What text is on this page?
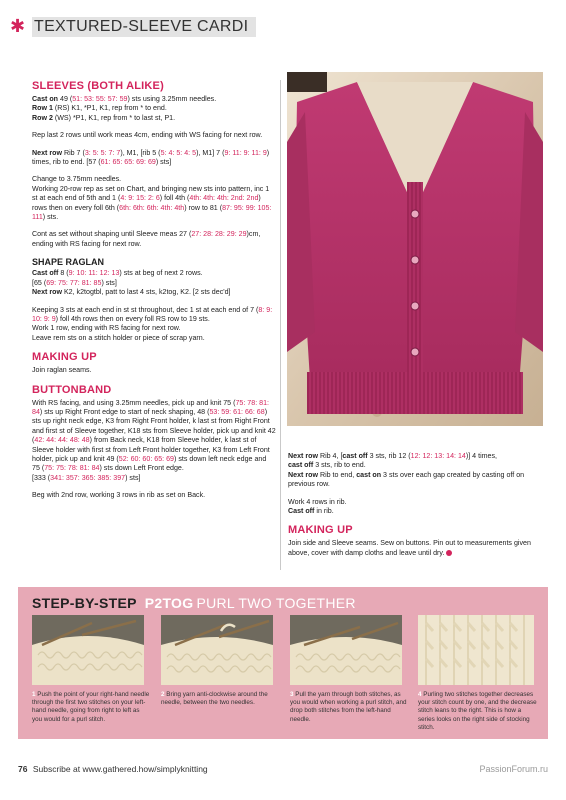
✱ TEXTURED-SLEEVE CARDI
SLEEVES (BOTH ALIKE)

Cast on 49 (51: 53: 55: 57: 59) sts using 3.25mm needles.

Row 1 (RS) K1, *P1, K1, rep from * to end.

Row 2 (WS) *P1, K1, rep from * to last st, P1.

Rep last 2 rows until work meas 4cm, ending with WS facing for next row.

Next row Rib 7 (3: 5: 5: 7: 7), M1, [rib 5 (5: 4: 5: 4: 5), M1] 7 (9: 11: 9: 11: 9) times, rib to end. [57 (61: 65: 65: 69: 69) sts]

Change to 3.75mm needles.

Working 20-row rep as set on Chart, and bringing new sts into pattern, inc 1 st at each end of 5th and 1 (4: 9: 15: 2: 6) foll 4th (4th: 4th: 4th: 2nd: 2nd) rows then on every foll 6th (6th: 6th: 6th: 4th: 4th) row to 81 (87: 95: 99: 105: 111) sts.

Cont as set without shaping until Sleeve meas 27 (27: 28: 28: 29: 29)cm, ending with RS facing for next row.

SHAPE RAGLAN

Cast off 8 (9: 10: 11: 12: 13) sts at beg of next 2 rows.

[65 (69: 75: 77: 81: 85) sts]

Next row K2, k2togtbl, patt to last 4 sts, k2tog, K2. [2 sts dec'd]

Keeping 3 sts at each end in st st throughout, dec 1 st at each end of 7 (8: 9: 10: 9: 9) foll 4th rows then on every foll RS row to 19 sts.

Work 1 row, ending with RS facing for next row.

Leave rem sts on a stitch holder or piece of scrap yarn.

MAKING UP

Join raglan seams.

BUTTONBAND

With RS facing, and using 3.25mm needles, pick up and knit 75 (75: 78: 81: 84) sts up Right Front edge to start of neck shaping, 48 (53: 59: 61: 66: 68) sts up right neck edge, K3 from Right Front holder, k last st from Right Front and first st of Sleeve together, K18 sts from Sleeve holder, pick up and knit 42 (42: 44: 44: 48: 48) from Back neck, K18 from Sleeve holder, k last st of Sleeve holder with first st from Left Front holder together, K3 from Left Front holder, pick up and knit 49 (52: 60: 60: 65: 69) sts down left neck edge and 75 (75: 75: 78: 81: 84) sts down Left Front edge.

[333 (341: 357: 365: 385: 397) sts]

Beg with 2nd row, working 3 rows in rib as set on Back.

Next row Rib 4, [cast off 3 sts, rib 12 (12: 12: 13: 14: 14)] 4 times,

cast off 3 sts, rib to end.

Next row Rib to end, cast on 3 sts over each gap created by casting off on previous row.

Work 4 rows in rib.

Cast off in rib.

MAKING UP

Join side and Sleeve seams. Sew on buttons. Pin out to measurements given above, cover with damp cloths and leave until dry.

STEP-BY-STEP P2TOG PURL TWO TOGETHER
1 Push the point of your right-hand needle through the first two stitches on your left-hand needle, going from right to left as you would for a purl stitch.
2 Bring yarn anti-clockwise around the needle, between the two needles.
3 Pull the yarn through both stitches, as you would when working a purl stitch, and drop both stitches from the left-hand needle.
4 Purling two stitches together decreases your stitch count by one, and the decrease stitch leans to the right. This is how a series looks on the right side of stocking stitch.
76 Subscribe at www.gathered.how/simplyknitting	PassionForum.ru
